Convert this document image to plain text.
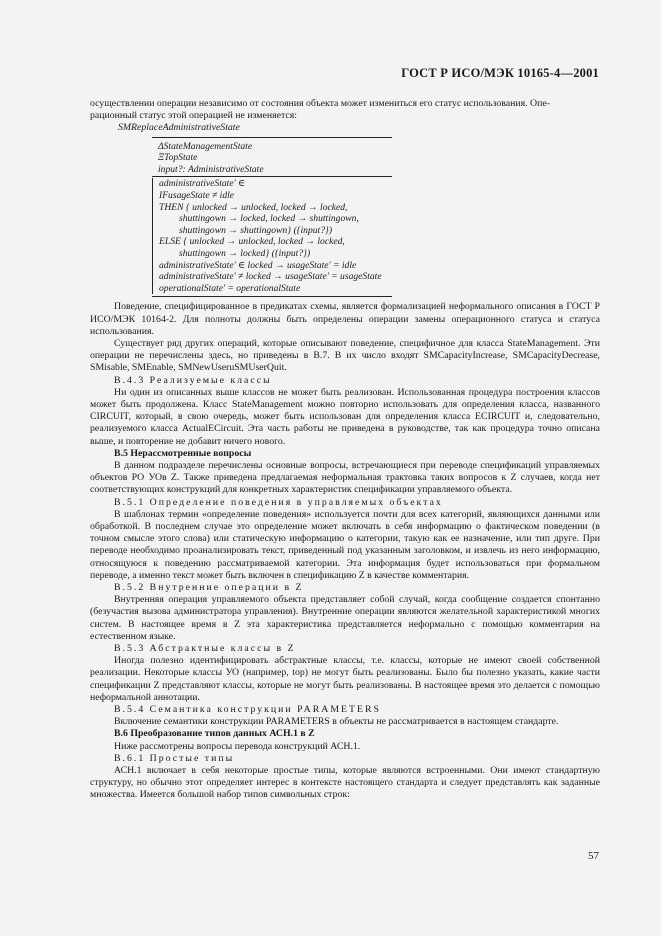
ГОСТ Р ИСО/МЭК 10165-4—2001

осуществлении операции независимо от состояния объекта может измениться его статус использования. Опе-

рационный статус этой операцией не изменяется:

SMReplaceAdministrativeState
ΔStateManagementState
ΞTopState
input?: AdministrativeState
administrativeState' ∈
IFusageState ≠ idle
THEN { unlocked → unlocked, locked → locked,
shuttingown → locked, locked → shuttingown,
shuttingown → shuttingown} ({input?})
ELSE { unlocked → unlocked, locked → locked,
shuttingown → locked} ({input?})
administrativeState' ∈ locked → usageState' = idle
administrativeState' ≠ locked → usageState' = usageState
operationalState' = operationalState

Поведение, специфицированное в предикатах схемы, является формализацией неформального описания в ГОСТ Р ИСО/МЭК 10164-2. Для полноты должны быть определены операции замены операционного статуса и статуса использования.

Существует ряд других операций, которые описывают поведение, специфичное для класса StateManagement. Эти операции не перечислены здесь, но приведены в В.7. В их число входят SMCapacityIncrease, SMCapacityDecrease, SMisable, SMEnable, SMNewUseruSMUserQuit.

В.4.3 Реализуемые классы

Ни один из описанных выше классов не может быть реализован. Использованная процедура построения классов может быть продолжена. Класс StateManagement можно повторно использовать для определения класса, названного CIRCUIT, который, в свою очередь, может быть использован для определения класса ECIRCUIT и, следовательно, реализуемого класса ActualECircuit. Эта часть работы не приведена в руководстве, так как процедура точно описана выше, и повторение не добавит ничего нового.

В.5 Нерассмотренные вопросы

В данном подразделе перечислены основные вопросы, встречающиеся при переводе спецификаций управляемых объектов РО УОв Z. Также приведена предлагаемая неформальная трактовка таких вопросов к Z случаев, когда нет соответствующих конструкций для конкретных характеристик спецификации управляемого объекта.

В.5.1 Определение поведения в управляемых объектах

В шаблонах термин «определение поведения» используется почти для всех категорий, являющихся данными или обработкой. В последнем случае это определение может включать в себя информацию о фактическом поведении (в точном смысле этого слова) или статическую информацию о категории, такую как ее назначение, или тип друге. При переводе необходимо проанализировать текст, приведенный под указанным заголовком, и извлечь из него информацию, относящуюся к поведению рассматриваемой категории. Эта информация будет использоваться при формальном переводе, а именно текст может быть включен в спецификацию Z в качестве комментария.

В.5.2 Внутренние операции в Z

Внутренняя операция управляемого объекта представляет собой случай, когда сообщение создается спонтанно (безучастия вызова администратора управления). Внутренние операции являются желательной характеристикой многих систем. В настоящее время в Z эта характеристика представляется неформально с помощью комментария на естественном языке.

В.5.3 Абстрактные классы в Z

Иногда полезно идентифицировать абстрактные классы, т.е. классы, которые не имеют своей собственной реализации. Некоторые классы УО (например, top) не могут быть реализованы. Было бы полезно указать, какие части спецификации Z представляют классы, которые не могут быть реализованы. В настоящее время это делается с помощью неформальной аннотации.

В.5.4 Семантика конструкции PARAMETERS

Включение семантики конструкции PARAMETERS в объекты не рассматривается в настоящем стандарте.

В.6 Преобразование типов данных АСН.1 в Z

Ниже рассмотрены вопросы перевода конструкций АСН.1.

В.6.1 Простые типы

АСН.1 включает в себя некоторые простые типы, которые являются встроенными. Они имеют стандартную структуру, но обычно этот определяет интерес в контексте настоящего стандарта и следует представлять как заданные множества. Имеется большой набор типов символьных строк:

57
